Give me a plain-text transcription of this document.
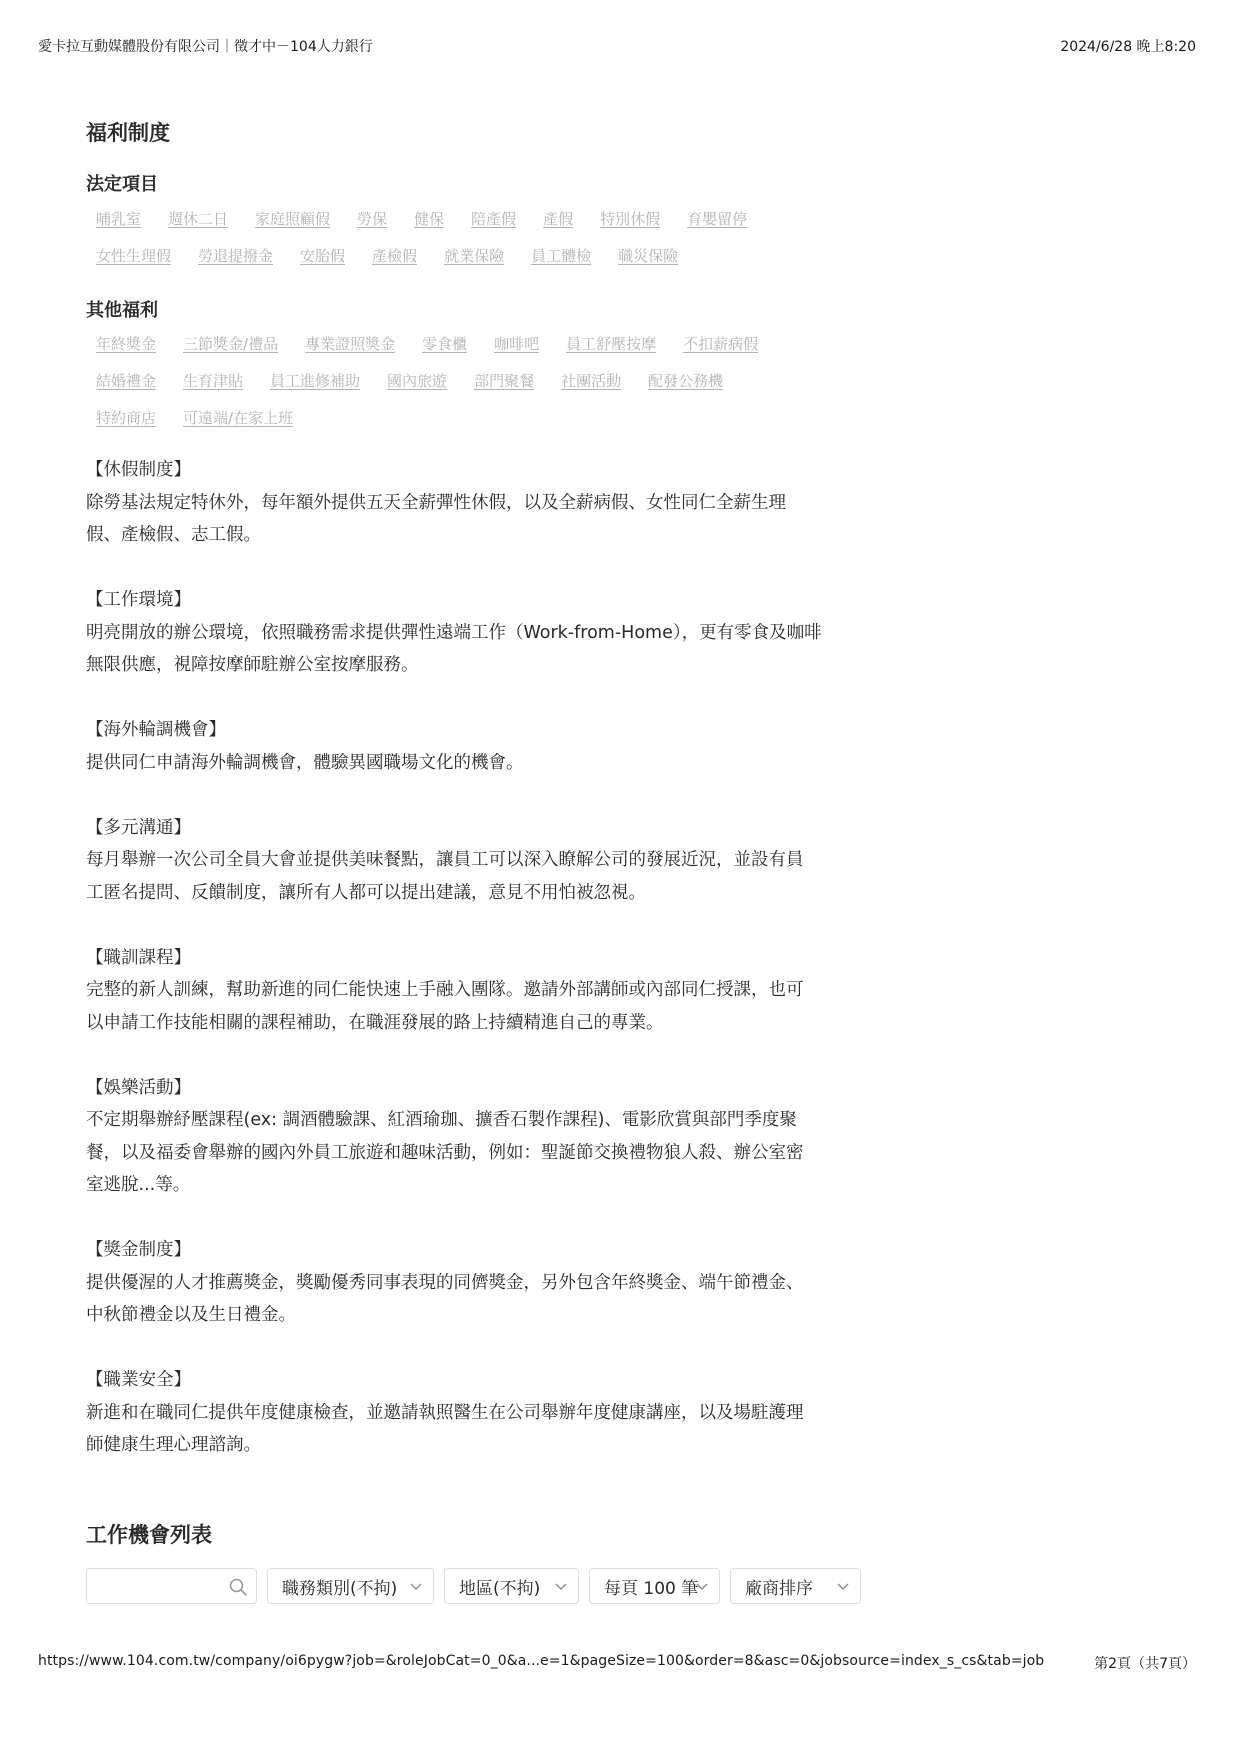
愛卡拉互動媒體股份有限公司｜徵才中－104人力銀行	2024/6/28 晚上8:20
福利制度
法定項目
哺乳室 週休二日 家庭照顧假 勞保 健保 陪產假 產假 特別休假 育嬰留停
女性生理假 勞退提撥金 安胎假 產檢假 就業保險 員工體檢 職災保險
其他福利
年終獎金 三節獎金/禮品 專業證照獎金 零食櫃 咖啡吧 員工舒壓按摩 不扣薪病假
結婚禮金 生育津貼 員工進修補助 國內旅遊 部門聚餐 社團活動 配發公務機
特約商店 可遠端/在家上班
【休假制度】
除勞基法規定特休外，每年額外提供五天全薪彈性休假，以及全薪病假、女性同仁全薪生理
假、產檢假、志工假。
【工作環境】
明亮開放的辦公環境，依照職務需求提供彈性遠端工作（Work-from-Home），更有零食及咖啡
無限供應，視障按摩師駐辦公室按摩服務。
【海外輪調機會】
提供同仁申請海外輪調機會，體驗異國職場文化的機會。
【多元溝通】
每月舉辦一次公司全員大會並提供美味餐點，讓員工可以深入瞭解公司的發展近況，並設有員
工匿名提問、反饋制度，讓所有人都可以提出建議，意見不用怕被忽視。
【職訓課程】
完整的新人訓練，幫助新進的同仁能快速上手融入團隊。邀請外部講師或內部同仁授課，也可
以申請工作技能相關的課程補助，在職涯發展的路上持續精進自己的專業。
【娛樂活動】
不定期舉辦紓壓課程(ex: 調酒體驗課、紅酒瑜珈、擴香石製作課程)、電影欣賞與部門季度聚
餐，以及福委會舉辦的國內外員工旅遊和趣味活動，例如：聖誕節交換禮物狼人殺、辦公室密
室逃脫...等。
【獎金制度】
提供優渥的人才推薦獎金，獎勵優秀同事表現的同儕獎金，另外包含年終獎金、端午節禮金、
中秋節禮金以及生日禮金。
【職業安全】
新進和在職同仁提供年度健康檢查，並邀請執照醫生在公司舉辦年度健康講座，以及場駐護理
師健康生理心理諮詢。
工作機會列表
職務類別(不拘)	地區(不拘)	每頁 100 筆	廠商排序
https://www.104.com.tw/company/oi6pygw?job=&roleJobCat=0_0&a...e=1&pageSize=100&order=8&asc=0&jobsource=index_s_cs&tab=job	第2頁（共7頁）
